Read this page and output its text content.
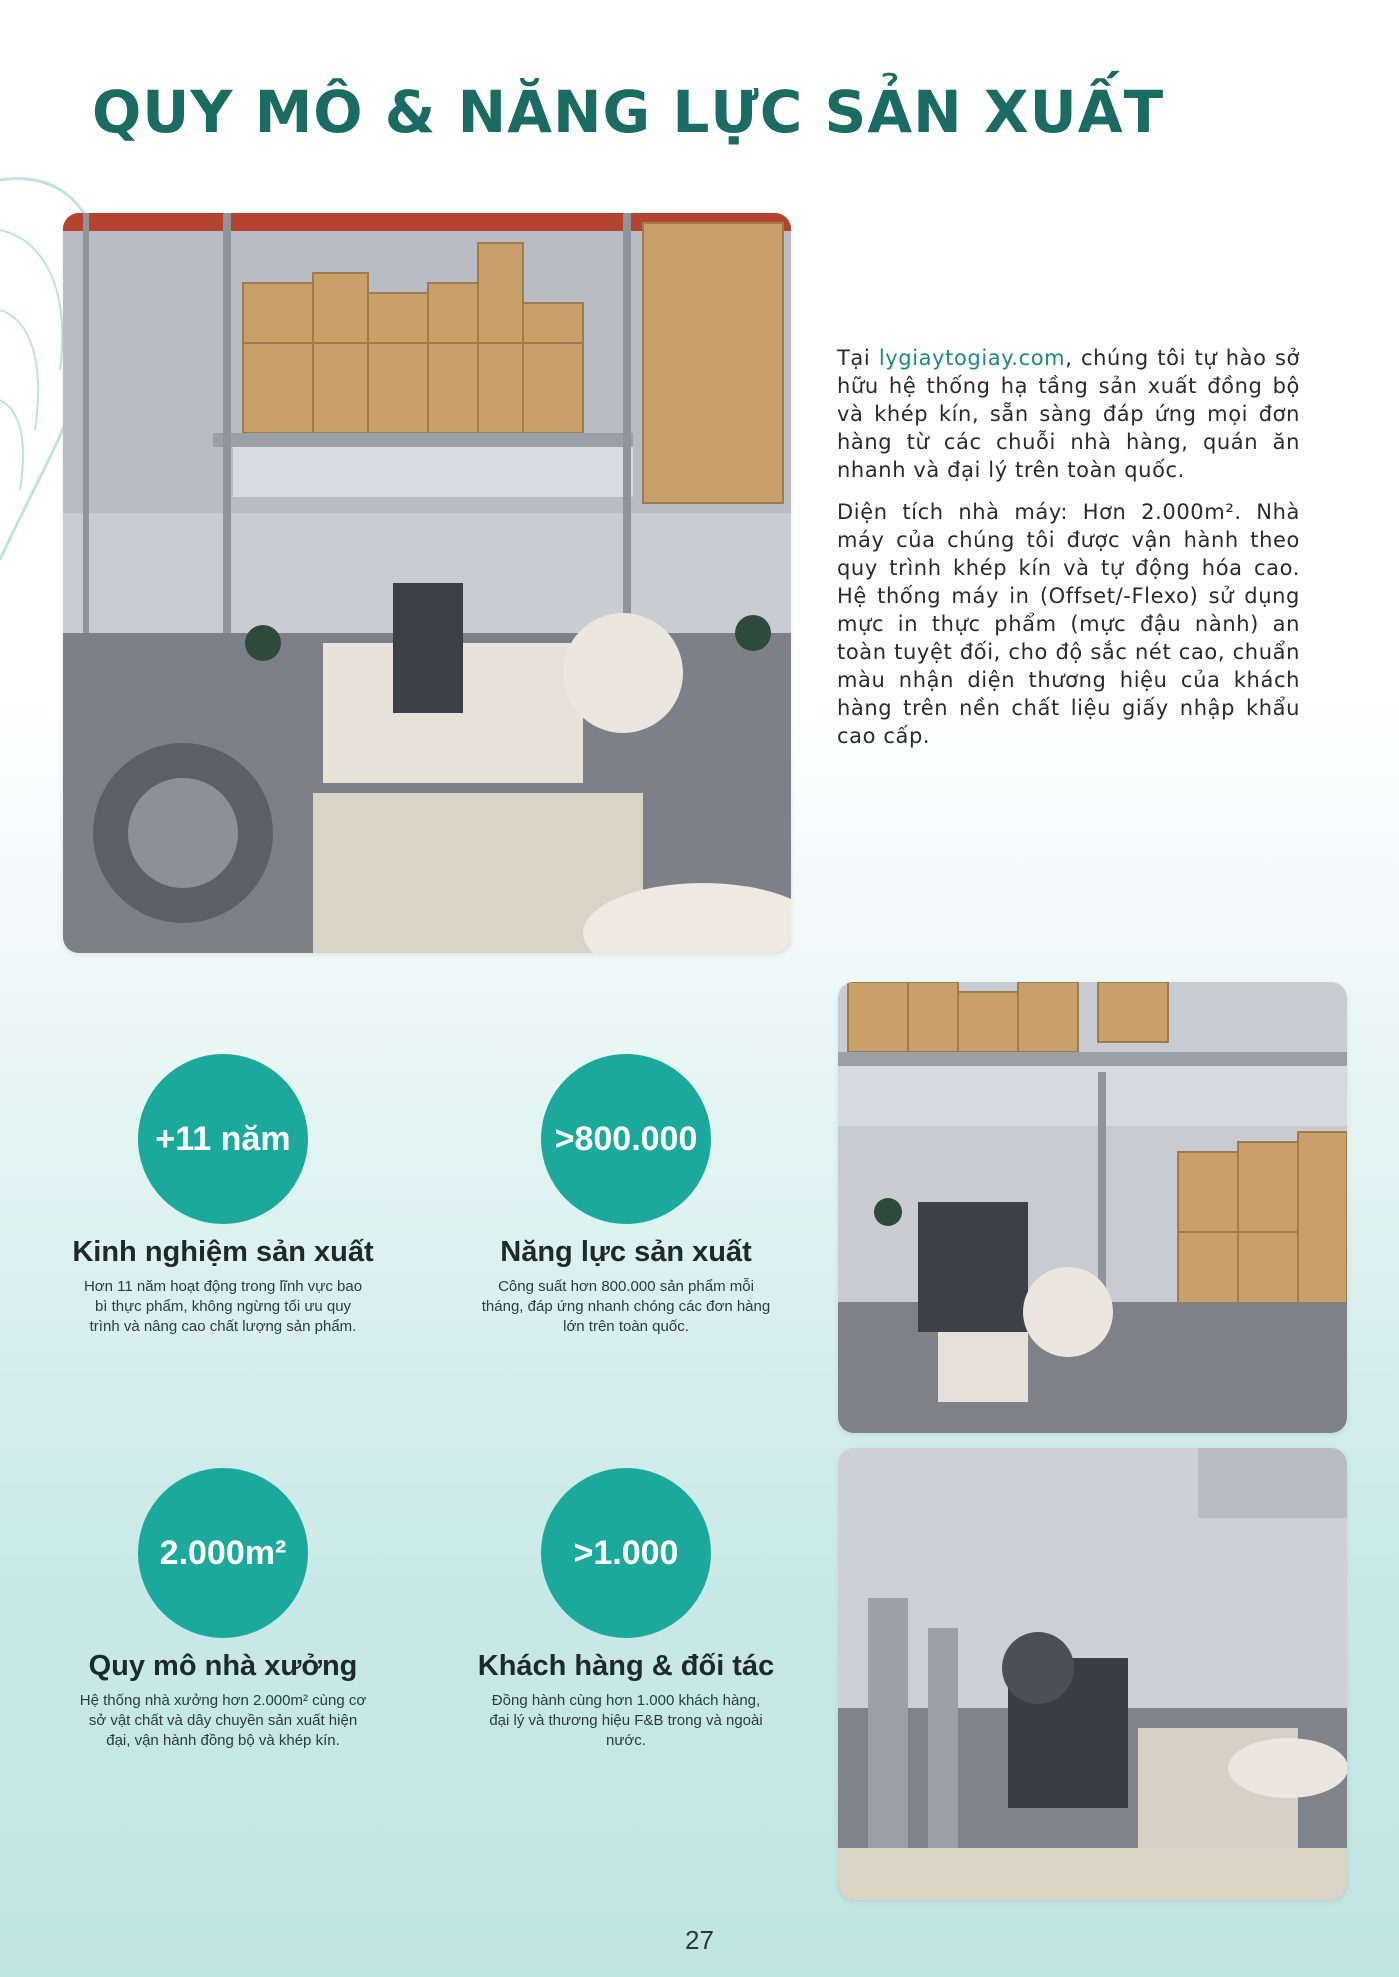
QUY MÔ & NĂNG LỰC SẢN XUẤT

Tại lygiaytogiay.com, chúng tôi tự hào sở hữu hệ thống hạ tầng sản xuất đồng bộ và khép kín, sẵn sàng đáp ứng mọi đơn hàng từ các chuỗi nhà hàng, quán ăn nhanh và đại lý trên toàn quốc.

Diện tích nhà máy: Hơn 2.000m². Nhà máy của chúng tôi được vận hành theo quy trình khép kín và tự động hóa cao. Hệ thống máy in (Offset/-Flexo) sử dụng mực in thực phẩm (mực đậu nành) an toàn tuyệt đối, cho độ sắc nét cao, chuẩn màu nhận diện thương hiệu của khách hàng trên nền chất liệu giấy nhập khẩu cao cấp.

+11 năm
Kinh nghiệm sản xuất

Hơn 11 năm hoạt động trong lĩnh vực bao bì thực phẩm, không ngừng tối ưu quy trình và nâng cao chất lượng sản phẩm.

>800.000
Năng lực sản xuất

Công suất hơn 800.000 sản phẩm mỗi tháng, đáp ứng nhanh chóng các đơn hàng lớn trên toàn quốc.

2.000m²
Quy mô nhà xưởng

Hệ thống nhà xưởng hơn 2.000m² cùng cơ sở vật chất và dây chuyền sản xuất hiện đại, vận hành đồng bộ và khép kín.

>1.000
Khách hàng & đối tác

Đồng hành cùng hơn 1.000 khách hàng, đại lý và thương hiệu F&B trong và ngoài nước.

27
